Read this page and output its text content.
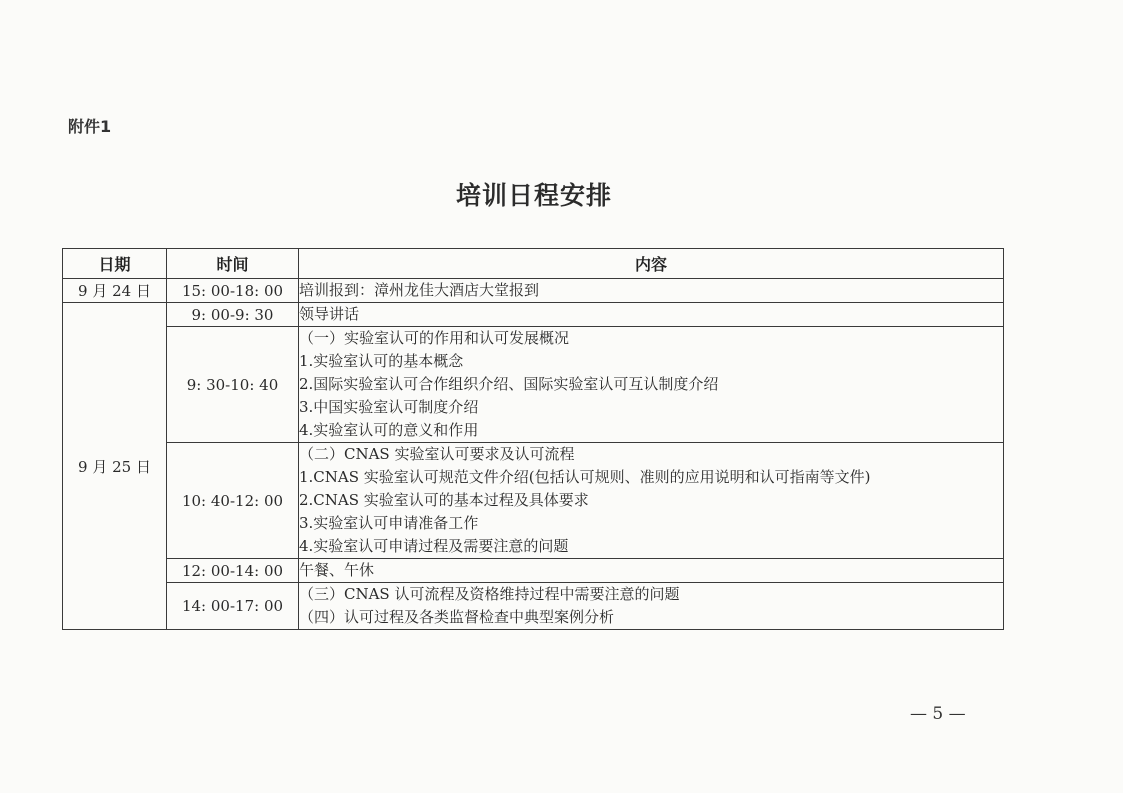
附件1
培训日程安排
日期	时间	内容
9 月 24 日	15: 00-18: 00	培训报到：漳州龙佳大酒店大堂报到

9 月 25 日	9: 00-9: 30	领导讲话

	9: 30-10: 40	（一）实验室认可的作用和认可发展概况
1.实验室认可的基本概念
2.国际实验室认可合作组织介绍、国际实验室认可互认制度介绍
3.中国实验室认可制度介绍
4.实验室认可的意义和作用

	10: 40-12: 00	（二）CNAS 实验室认可要求及认可流程
1.CNAS 实验室认可规范文件介绍(包括认可规则、准则的应用说明和认可指南等文件)
2.CNAS 实验室认可的基本过程及具体要求
3.实验室认可申请准备工作
4.实验室认可申请过程及需要注意的问题

	12: 00-14: 00	午餐、午休

	14: 00-17: 00	（三）CNAS 认可流程及资格维持过程中需要注意的问题
（四）认可过程及各类监督检查中典型案例分析
— 5 —
